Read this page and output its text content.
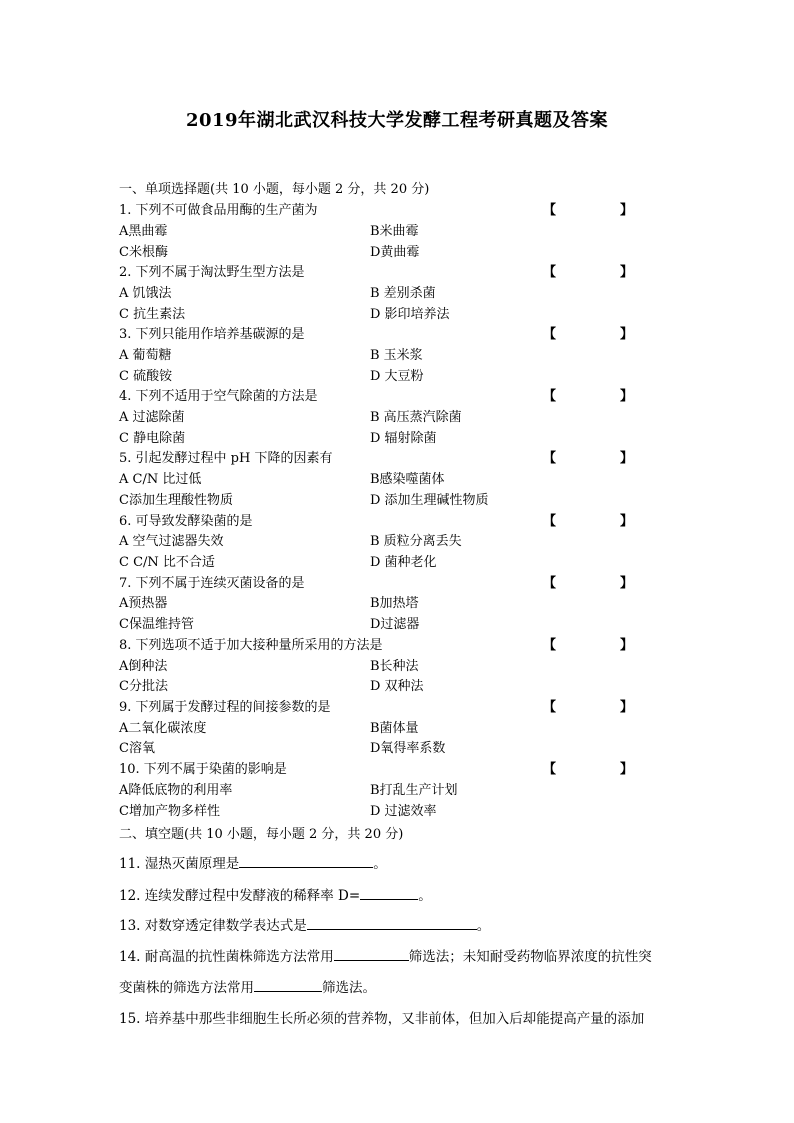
2019年湖北武汉科技大学发酵工程考研真题及答案
一、单项选择题(共 10 小题，每小题 2 分，共 20 分)
1. 下列不可做食品用酶的生产菌为
A黑曲霉	B米曲霉
C米根酶	D黄曲霉
【	】
2. 下列不属于淘汰野生型方法是
A 饥饿法	B 差别杀菌
C 抗生素法	D 影印培养法
【	】
3. 下列只能用作培养基碳源的是
A 葡萄糖	B 玉米浆
C 硫酸铵	D 大豆粉
【	】
4. 下列不适用于空气除菌的方法是
A 过滤除菌	B 高压蒸汽除菌
C 静电除菌	D 辐射除菌
【	】
5. 引起发酵过程中 pH 下降的因素有
A C/N 比过低	B感染噬菌体
C添加生理酸性物质	D 添加生理碱性物质
【	】
6. 可导致发酵染菌的是
A 空气过滤器失效	B 质粒分离丢失
C C/N 比不合适	D 菌种老化
【	】
7. 下列不属于连续灭菌设备的是
A预热器	B加热塔
C保温维持管	D过滤器
【	】
8. 下列选项不适于加大接种量所采用的方法是
A倒种法	B长种法
C分批法	D 双种法
【	】
9. 下列属于发酵过程的间接参数的是
A二氧化碳浓度	B菌体量
C溶氧	D氧得率系数
【	】
10. 下列不属于染菌的影响是
A降低底物的利用率	B打乱生产计划
C增加产物多样性	D 过滤效率
【	】
二、填空题(共 10 小题，每小题 2 分，共 20 分)
11. 湿热灭菌原理是	。
12. 连续发酵过程中发酵液的稀释率 D=	。
13. 对数穿透定律数学表达式是	。
14. 耐高温的抗性菌株筛选方法常用	筛选法；未知耐受药物临界浓度的抗性突
变菌株的筛选方法常用	筛选法。
15. 培养基中那些非细胞生长所必须的营养物，又非前体，但加入后却能提高产量的添加
